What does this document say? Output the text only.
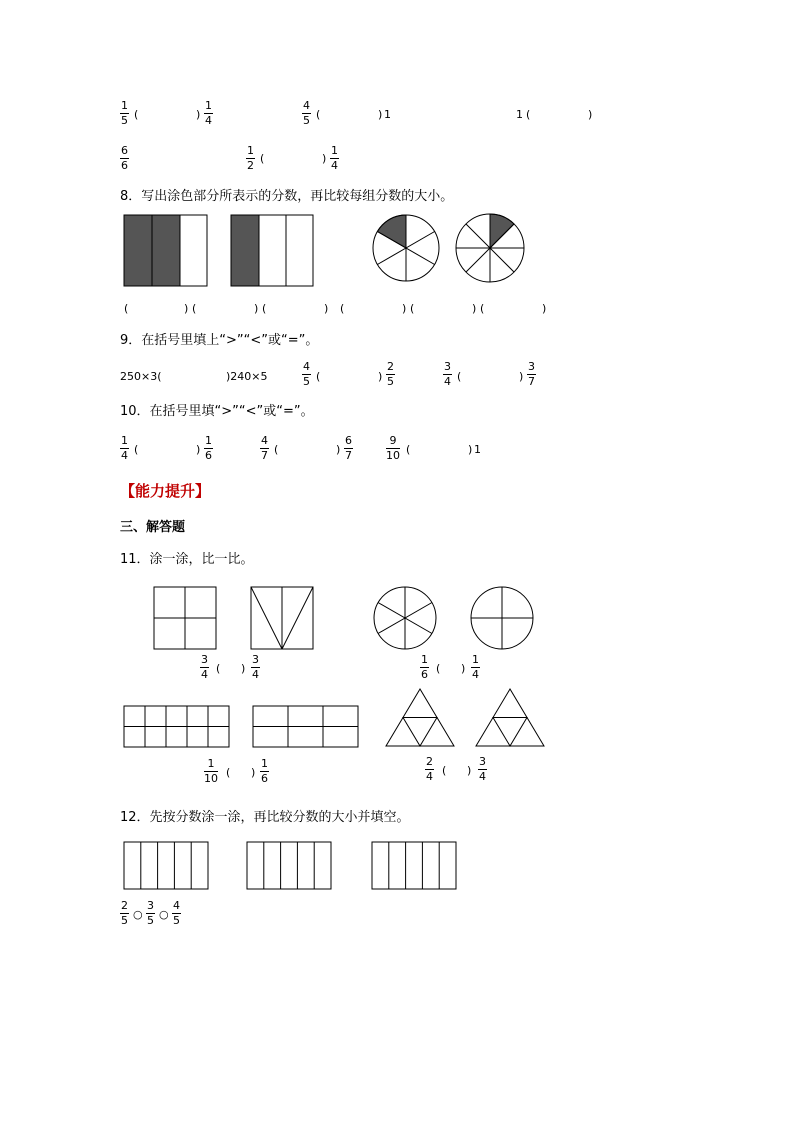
1
5 (	)
1
4
4
5 (	) 1	1 (	)
6
6
1
2
(	)
1
4
8．写出涂色部分所表示的分数，再比较每组分数的大小。
(	) (	) (	) (	) (	) (	)
9．在括号里填上“>”“<”或“=”。
250×3(	)240×5
4
5 (	)
2
5
3
4 (	)
3
7
10．在括号里填“>”“<”或“=”。
1
4 (	)
1
6
4
7 (	)
6
7
9
10 (	) 1
【能力提升】
三、解答题
11．涂一涂，比一比。
3
4 ( )
3
4
1
6 ( )
1
4
1
10 ( )
1
6
2
4 ( )
3
4
12．先按分数涂一涂，再比较分数的大小并填空。
2
5 ○
3
5 ○
4
5
